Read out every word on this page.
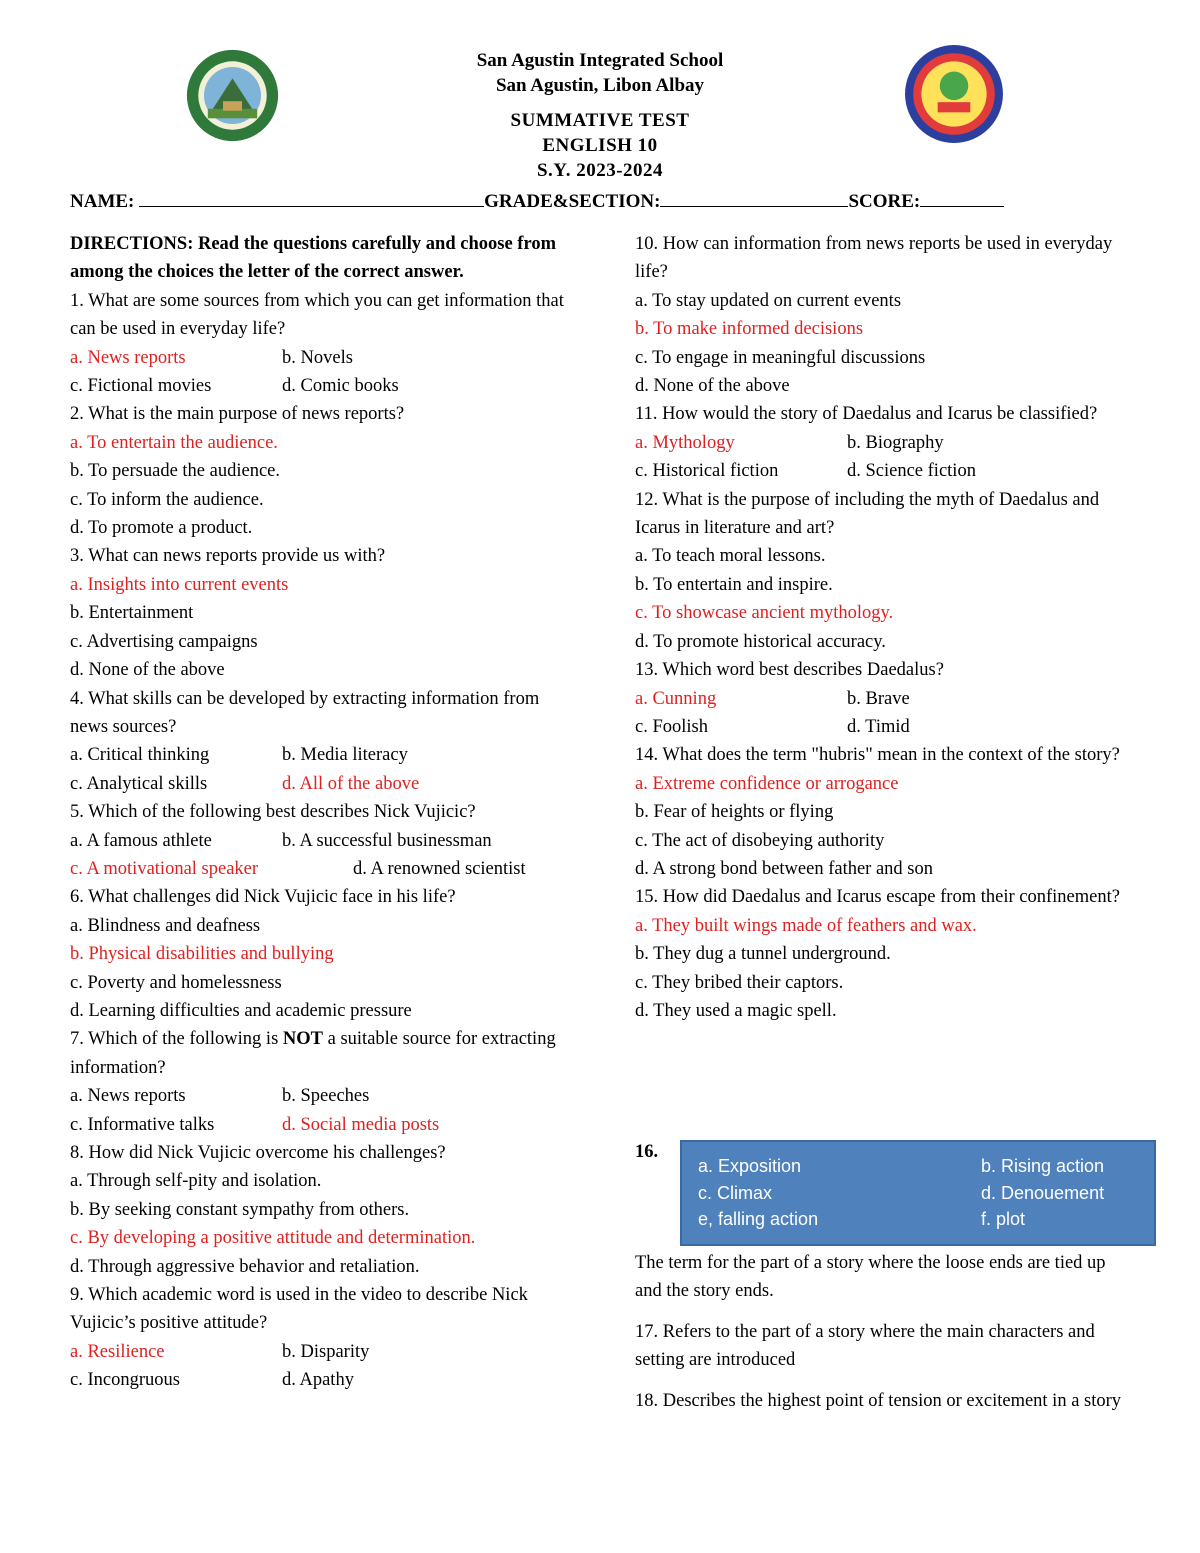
San Agustin Integrated School
San Agustin, Libon Albay
SUMMATIVE TEST
ENGLISH 10
S.Y. 2023-2024
NAME:	GRADE&SECTION:	SCORE:
DIRECTIONS: Read the questions carefully and choose from among the choices the letter of the correct answer.
1. What are some sources from which you can get information that can be used in everyday life?
a. News reports	b. Novels
c. Fictional movies	d. Comic books
2. What is the main purpose of news reports?
a. To entertain the audience.
b. To persuade the audience.
c. To inform the audience.
d. To promote a product.
3. What can news reports provide us with?
a. Insights into current events
b. Entertainment
c. Advertising campaigns
d. None of the above
4. What skills can be developed by extracting information from news sources?
a. Critical thinking	b. Media literacy
c. Analytical skills	d. All of the above
5. Which of the following best describes Nick Vujicic?
a. A famous athlete	b. A successful businessman
c. A motivational speaker	d. A renowned scientist
6. What challenges did Nick Vujicic face in his life?
a. Blindness and deafness
b. Physical disabilities and bullying
c. Poverty and homelessness
d. Learning difficulties and academic pressure
7. Which of the following is NOT a suitable source for extracting information?
a. News reports	b. Speeches
c. Informative talks	d. Social media posts
8. How did Nick Vujicic overcome his challenges?
a. Through self-pity and isolation.
b. By seeking constant sympathy from others.
c. By developing a positive attitude and determination.
d. Through aggressive behavior and retaliation.
9. Which academic word is used in the video to describe Nick Vujicic’s positive attitude?
a. Resilience	b. Disparity
c. Incongruous	d. Apathy
10. How can information from news reports be used in everyday life?
a. To stay updated on current events
b. To make informed decisions
c. To engage in meaningful discussions
d. None of the above
11. How would the story of Daedalus and Icarus be classified?
a. Mythology	b. Biography
c. Historical fiction	d. Science fiction
12. What is the purpose of including the myth of Daedalus and Icarus in literature and art?
a. To teach moral lessons.
b. To entertain and inspire.
c. To showcase ancient mythology.
d. To promote historical accuracy.
13. Which word best describes Daedalus?
a. Cunning	b. Brave
c. Foolish	d. Timid
14. What does the term "hubris" mean in the context of the story?
a. Extreme confidence or arrogance
b. Fear of heights or flying
c. The act of disobeying authority
d. A strong bond between father and son
15. How did Daedalus and Icarus escape from their confinement?
a. They built wings made of feathers and wax.
b. They dug a tunnel underground.
c. They bribed their captors.
d. They used a magic spell.
16.
a. Exposition	b. Rising action
c. Climax	d. Denouement
e, falling action	f. plot
The term for the part of a story where the loose ends are tied up and the story ends.
17. Refers to the part of a story where the main characters and setting are introduced
18. Describes the highest point of tension or excitement in a story
